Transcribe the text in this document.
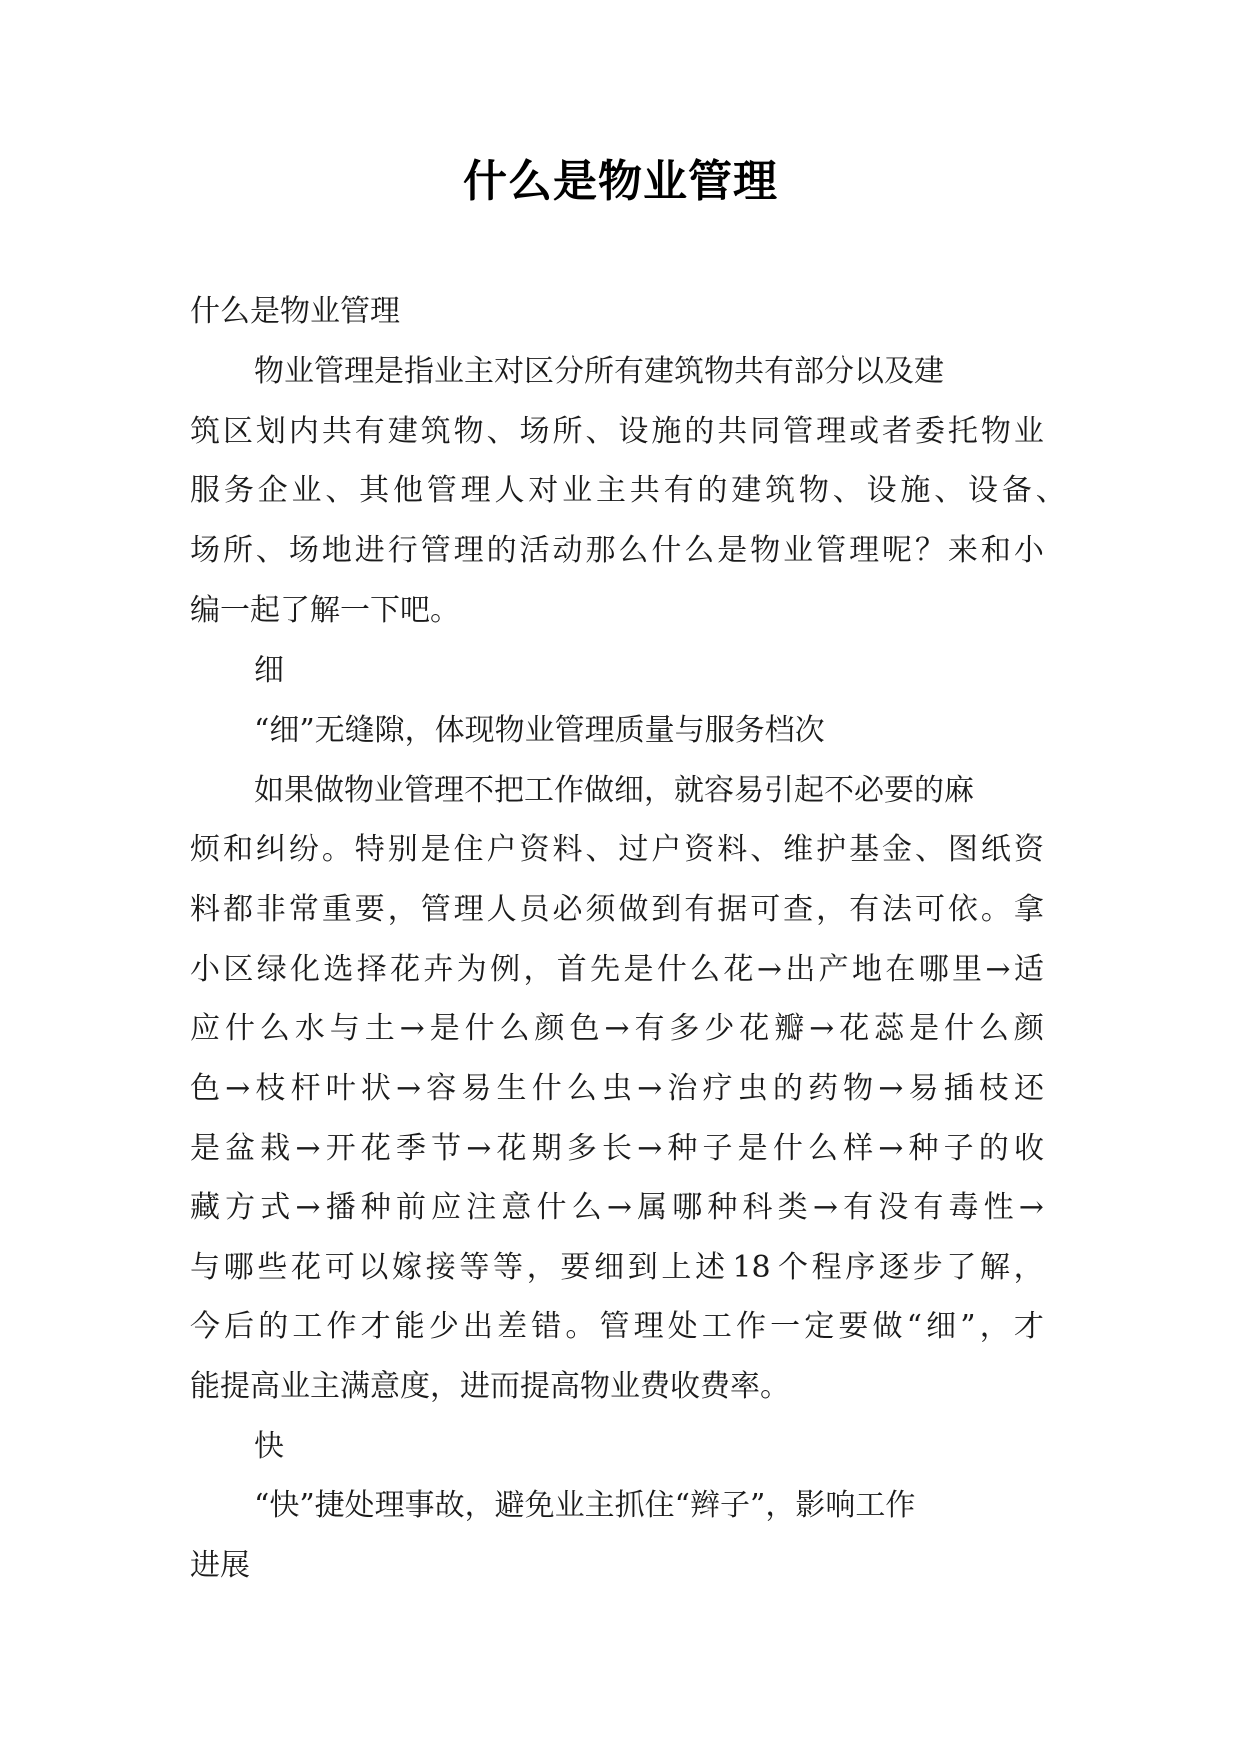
什么是物业管理
什么是物业管理
物业管理是指业主对区分所有建筑物共有部分以及建
筑 区 划 内 共 有 建 筑 物 、 场 所 、 设 施 的 共 同 管 理 或 者 委 托 物 业
服 务 企 业 、 其 他 管 理 人 对 业 主 共 有 的 建 筑 物 、 设 施 、 设 备 、
场 所 、 场 地 进 行 管 理 的 活 动 那 么 什 么 是 物 业 管 理 呢 ？ 来 和 小
编一起了解一下吧。
细
“细”无缝隙，体现物业管理质量与服务档次
如果做物业管理不把工作做细，就容易引起不必要的麻
烦 和 纠 纷 。 特 别 是 住 户 资 料 、 过 户 资 料 、 维 护 基 金 、 图 纸 资
料 都 非 常 重 要 ， 管 理 人 员 必 须 做 到 有 据 可 查 ， 有 法 可 依 。 拿
小 区 绿 化 选 择 花 卉 为 例 ， 首 先 是 什 么 花 → 出 产 地 在 哪 里 → 适
应 什 么 水 与 土 → 是 什 么 颜 色 → 有 多 少 花 瓣 → 花 蕊 是 什 么 颜
色 → 枝 杆 叶 状 → 容 易 生 什 么 虫 → 治 疗 虫 的 药 物 → 易 插 枝 还
是 盆 栽 → 开 花 季 节 → 花 期 多 长 → 种 子 是 什 么 样 → 种 子 的 收
藏 方 式 → 播 种 前 应 注 意 什 么 → 属 哪 种 科 类 → 有 没 有 毒 性 →
与 哪 些 花 可 以 嫁 接 等 等 ， 要 细 到 上 述 18 个 程 序 逐 步 了 解 ，
今 后 的 工 作 才 能 少 出 差 错 。 管 理 处 工 作 一 定 要 做 “ 细 ” ， 才
能提高业主满意度，进而提高物业费收费率。
快
“快”捷处理事故，避免业主抓住“辫子”，影响工作
进展
